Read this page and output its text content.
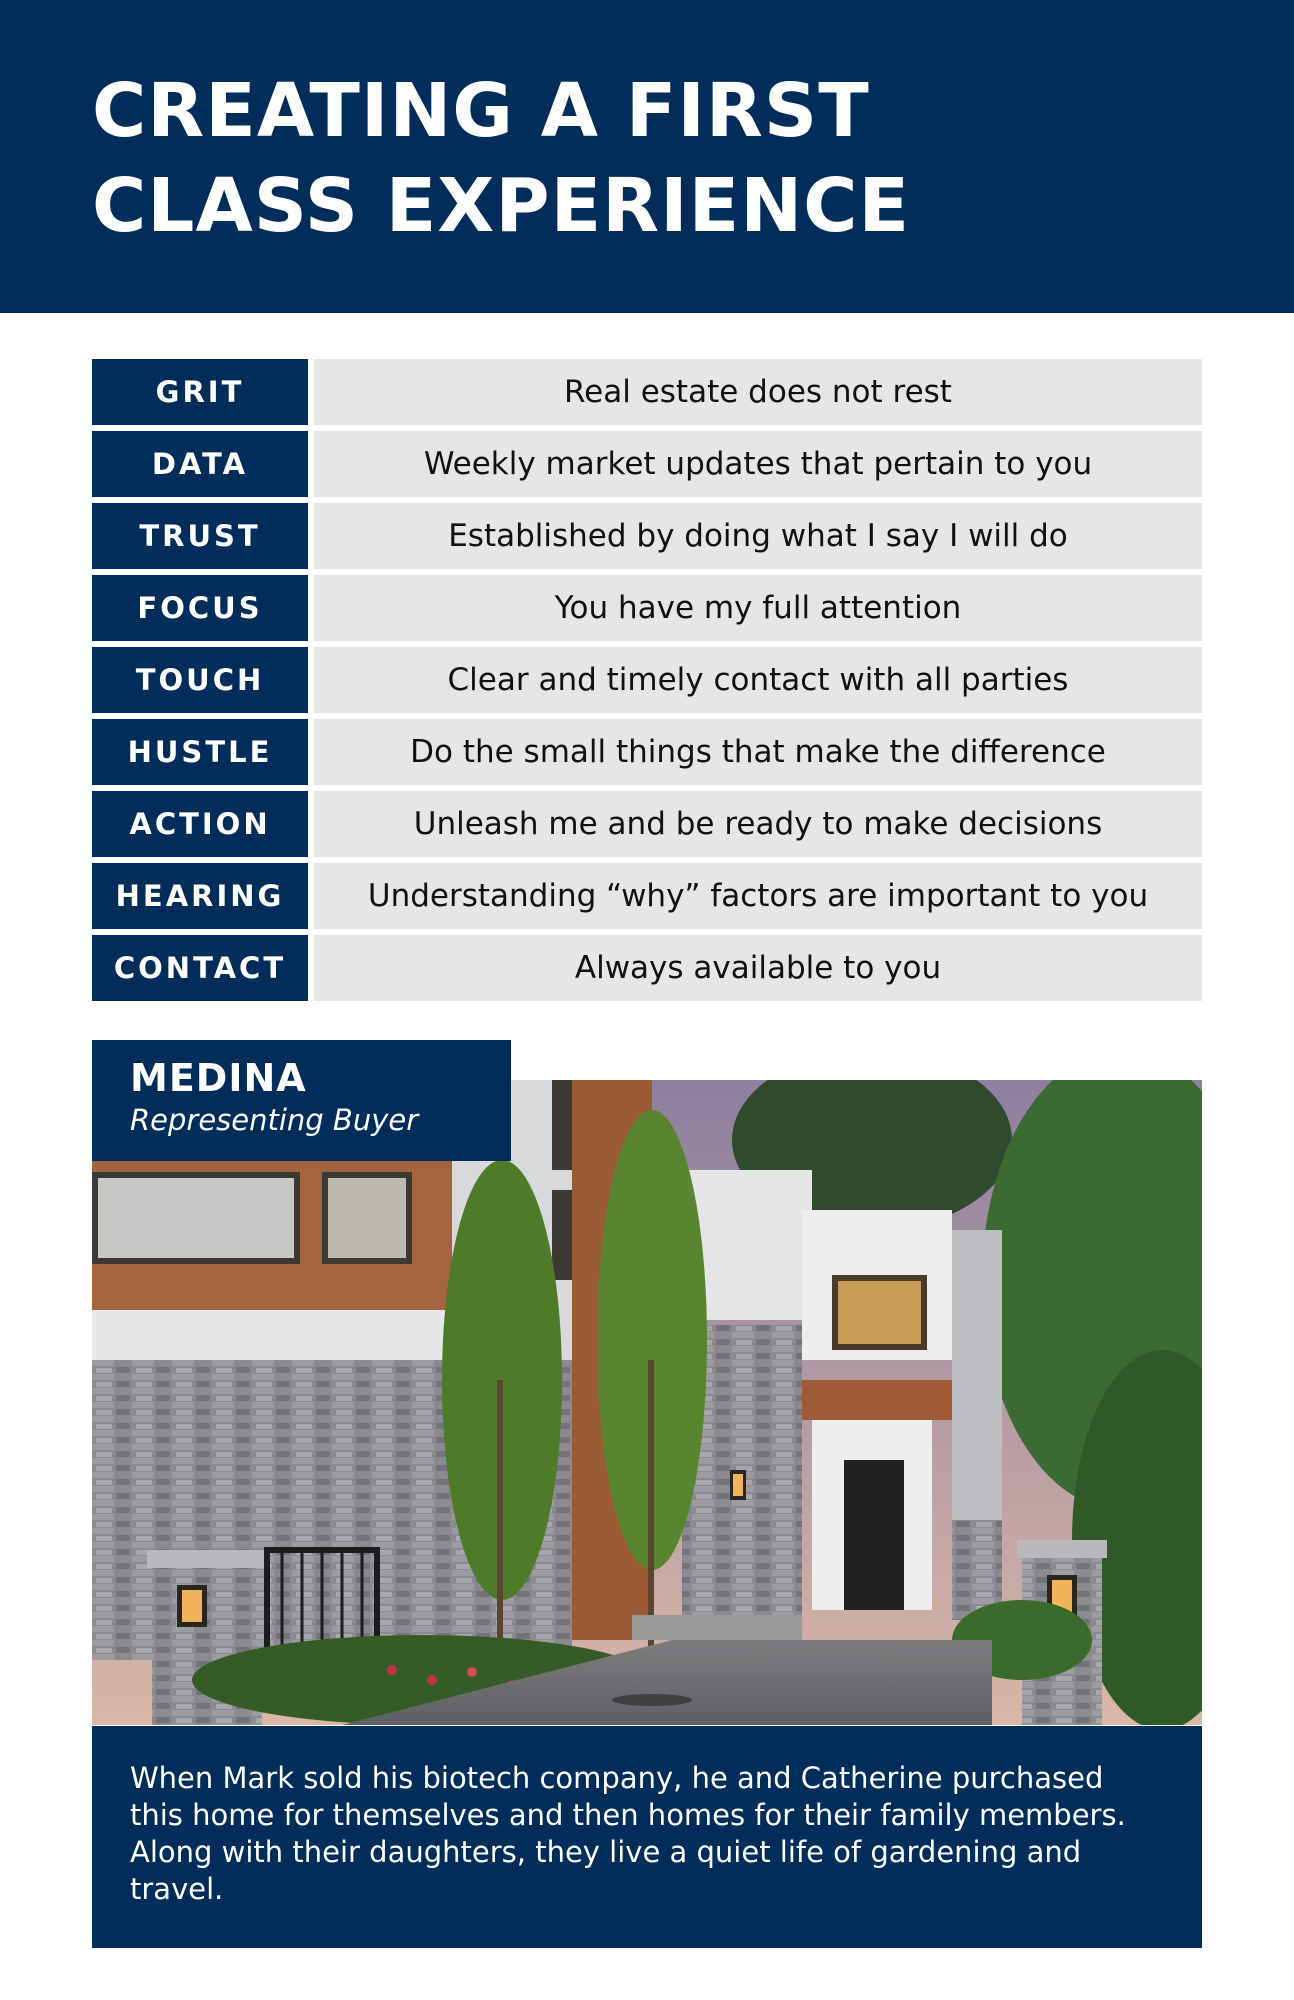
CREATING A FIRST
CLASS EXPERIENCE
GRIT	Real estate does not rest
DATA	Weekly market updates that pertain to you
TRUST	Established by doing what I say I will do
FOCUS	You have my full attention
TOUCH	Clear and timely contact with all parties
HUSTLE	Do the small things that make the difference
ACTION	Unleash me and be ready to make decisions
HEARING	Understanding “why” factors are important to you
CONTACT	Always available to you
MEDINA
Representing Buyer

When Mark sold his biotech company, he and Catherine purchased this home for themselves and then homes for their family members. Along with their daughters, they live a quiet life of gardening and travel.
